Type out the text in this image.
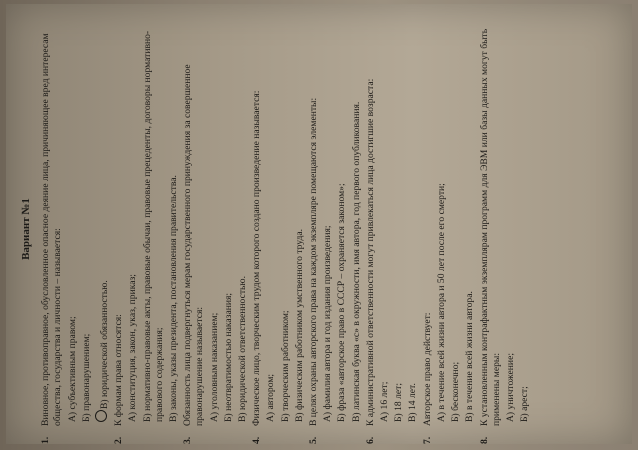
Вариант №1
1.
Виновное, противоправное, обусловленное опасное деяние лица, причиняющее вред интересам общества, государства и личности – называется: А) субъективным правом; Б) правонарушением; В) юридической обязанностью.
2.
К формам права относятся: А) конституция, закон, указ, приказ; Б) нормативно-правовые акты, правовые обычаи, правовые прецеденты, договоры нормативно-правового содержания; В) законы, указы президента, постановления правительства.
3.
Обязанность лица подвергнуться мерам государственного принуждения за совершенное правонарушение называется: А) уголовным наказанием; Б) неотвратимостью наказания; В) юридической ответственностью.
4.
Физическое лицо, творческим трудом которого создано произведение называется: А) автором; Б) творческим работником; В) физическим работником умственного труда.
5.
В целях охраны авторского права на каждом экземпляре помещаются элементы: А) фамилия автора и год издания произведения; Б) фраза «авторское право в СССР – охраняется законом»; В) латинская буква «с» в окружности, имя автора, год первого опубликования.
6.
К административной ответственности могут привлекаться лица достигшие возраста: А) 16 лет; Б) 18 лет; В) 14 лет.
7.
Авторское право действует: А) в течение всей жизни автора и 50 лет после его смерти; Б) бесконечно; В) в течение всей жизни автора.
8.
К установленным контрафактным экземплярам программ для ЭВМ или базы данных могут быть применены меры: А) уничтожение; Б) арест;
